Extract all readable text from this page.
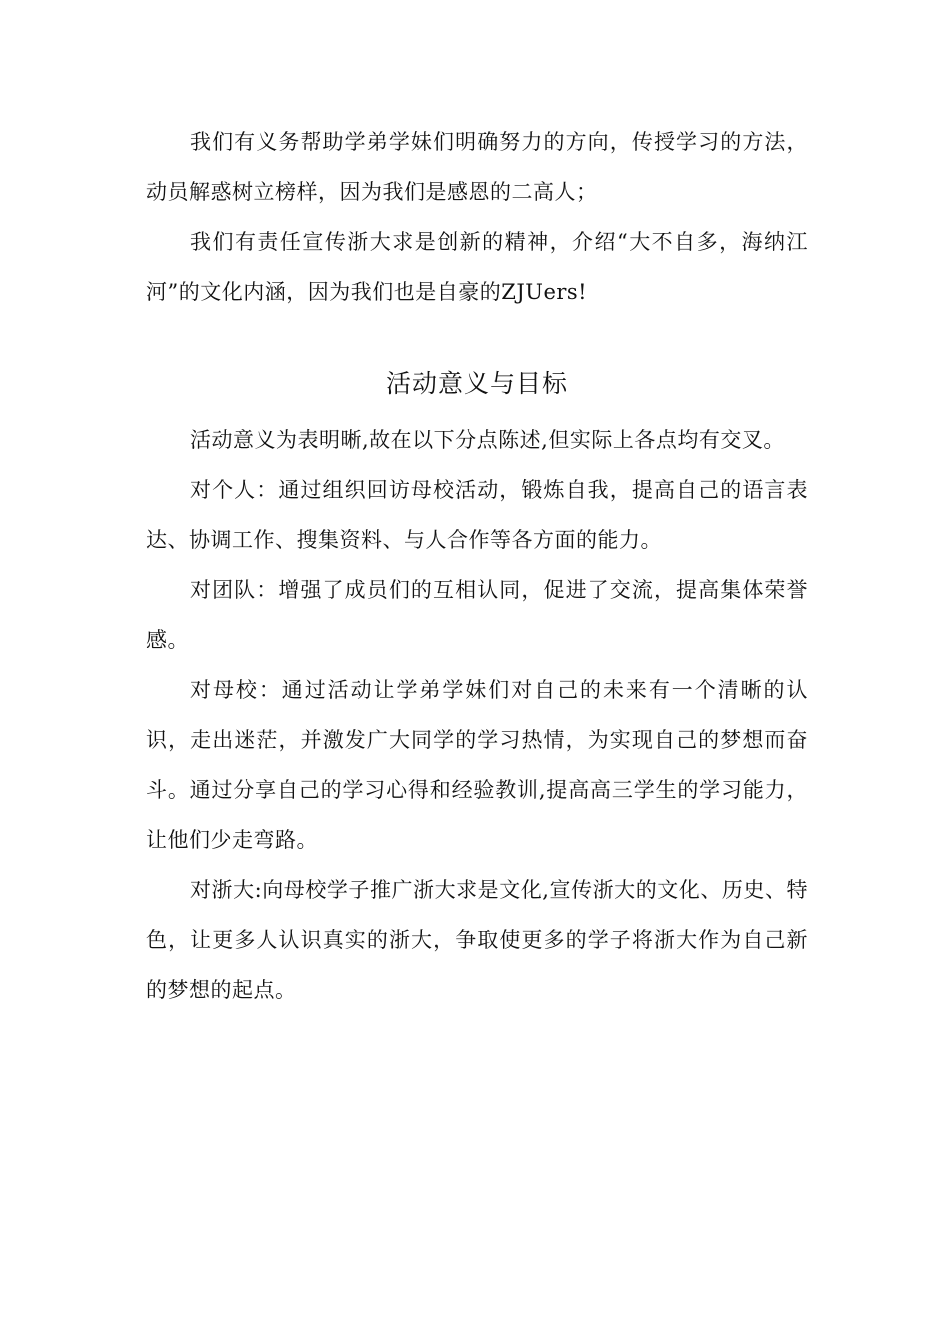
我们有义务帮助学弟学妹们明确努力的方向，传授学习的方法，动员解惑树立榜样，因为我们是感恩的二高人；

我们有责任宣传浙大求是创新的精神，介绍“大不自多，海纳江河”的文化内涵，因为我们也是自豪的ZJUers!

活动意义与目标

活动意义为表明晰,故在以下分点陈述,但实际上各点均有交叉。

对个人：通过组织回访母校活动，锻炼自我，提高自己的语言表达、协调工作、搜集资料、与人合作等各方面的能力。

对团队：增强了成员们的互相认同，促进了交流，提高集体荣誉感。

对母校：通过活动让学弟学妹们对自己的未来有一个清晰的认识，走出迷茫，并激发广大同学的学习热情，为实现自己的梦想而奋斗。通过分享自己的学习心得和经验教训,提高高三学生的学习能力，让他们少走弯路。

对浙大:向母校学子推广浙大求是文化,宣传浙大的文化、历史、特色，让更多人认识真实的浙大，争取使更多的学子将浙大作为自己新的梦想的起点。
